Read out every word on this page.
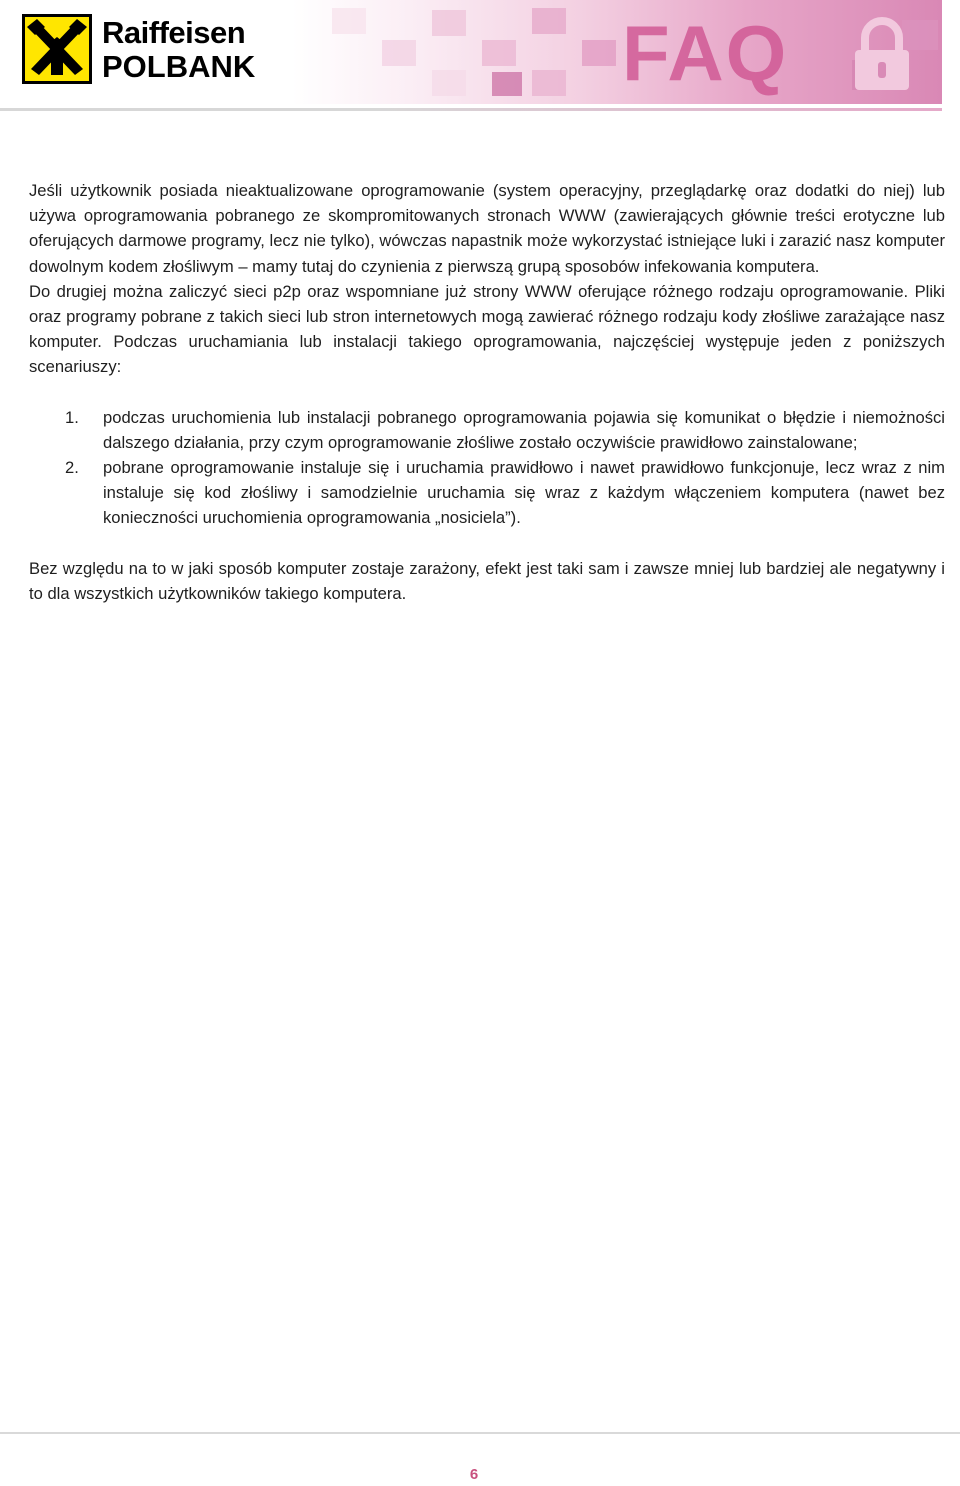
Raiffeisen
POLBANK	FAQ

Jeśli użytkownik posiada nieaktualizowane oprogramowanie (system operacyjny, przeglądarkę oraz dodatki do niej) lub używa oprogramowania pobranego ze skompromitowanych stronach WWW (zawierających głównie treści erotyczne lub oferujących darmowe programy, lecz nie tylko), wówczas napastnik może wykorzystać istniejące luki i zarazić nasz komputer dowolnym kodem złośliwym – mamy tutaj do czynienia z pierwszą grupą sposobów infekowania komputera.

Do drugiej można zaliczyć sieci p2p oraz wspomniane już strony WWW oferujące różnego rodzaju oprogramowanie. Pliki oraz programy pobrane z takich sieci lub stron internetowych mogą zawierać różnego rodzaju kody złośliwe zarażające nasz komputer. Podczas uruchamiania lub instalacji takiego oprogramowania, najczęściej występuje jeden z poniższych scenariuszy:

1. podczas uruchomienia lub instalacji pobranego oprogramowania pojawia się komunikat o błędzie i niemożności dalszego działania, przy czym oprogramowanie złośliwe zostało oczywiście prawidłowo zainstalowane;
2. pobrane oprogramowanie instaluje się i uruchamia prawidłowo i nawet prawidłowo funkcjonuje, lecz wraz z nim instaluje się kod złośliwy i samodzielnie uruchamia się wraz z każdym włączeniem komputera (nawet bez konieczności uruchomienia oprogramowania „nosiciela”).

Bez względu na to w jaki sposób komputer zostaje zarażony, efekt jest taki sam i zawsze mniej lub bardziej ale negatywny i to dla wszystkich użytkowników takiego komputera.

6
